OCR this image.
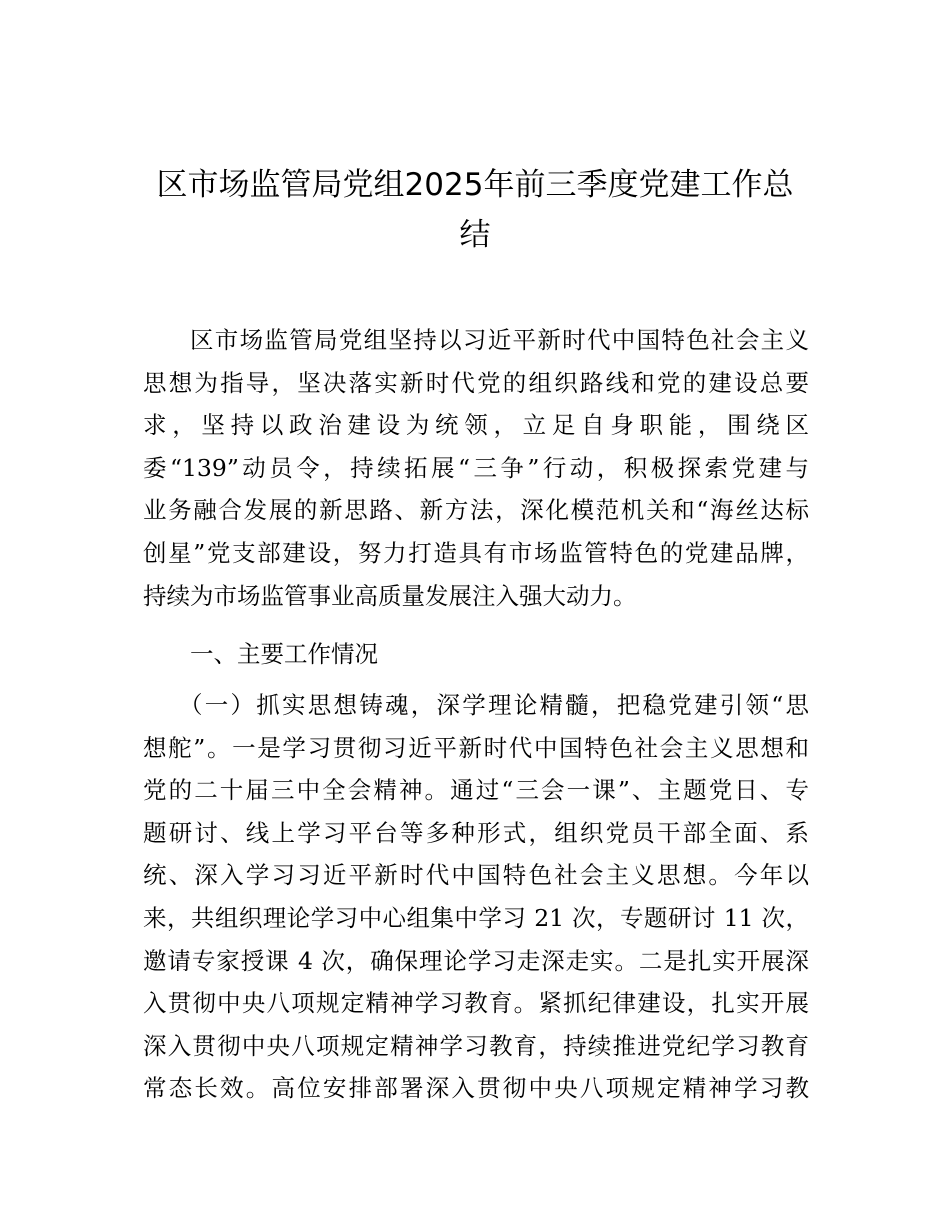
区市场监管局党组2025年前三季度党建工作总
结
区市场监管局党组坚持以习近平新时代中国特色社会主义
思想为指导，坚决落实新时代党的组织路线和党的建设总要
求，坚持以政治建设为统领，立足自身职能，围绕区
委“139”动员令，持续拓展“三争”行动，积极探索党建与
业务融合发展的新思路、新方法，深化模范机关和“海丝达标
创星”党支部建设，努力打造具有市场监管特色的党建品牌，
持续为市场监管事业高质量发展注入强大动力。
一、主要工作情况
（一）抓实思想铸魂，深学理论精髓，把稳党建引领“思
想舵”。一是学习贯彻习近平新时代中国特色社会主义思想和
党的二十届三中全会精神。通过“三会一课”、主题党日、专
题研讨、线上学习平台等多种形式，组织党员干部全面、系
统、深入学习习近平新时代中国特色社会主义思想。今年以
来，共组织理论学习中心组集中学习 21 次，专题研讨 11 次，
邀请专家授课 4 次，确保理论学习走深走实。二是扎实开展深
入贯彻中央八项规定精神学习教育。紧抓纪律建设，扎实开展
深入贯彻中央八项规定精神学习教育，持续推进党纪学习教育
常态长效。高位安排部署深入贯彻中央八项规定精神学习教
